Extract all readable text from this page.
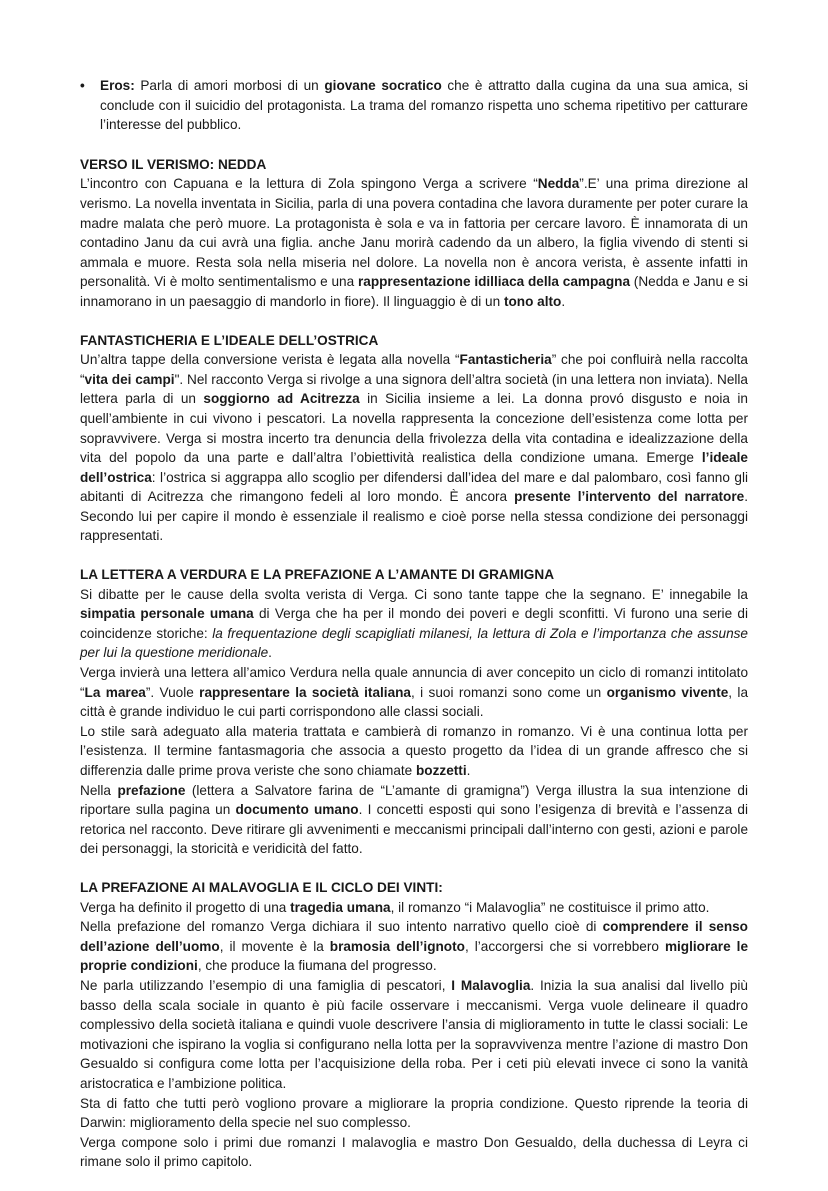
•	Eros: Parla di amori morbosi di un giovane socratico che è attratto dalla cugina da una sua amica, si conclude con il suicidio del protagonista. La trama del romanzo rispetta uno schema ripetitivo per catturare l’interesse del pubblico.
VERSO IL VERISMO: NEDDA
L’incontro con Capuana e la lettura di Zola spingono Verga a scrivere “Nedda”.E’ una prima direzione al verismo. La novella inventata in Sicilia, parla di una povera contadina che lavora duramente per poter curare la madre malata che però muore. La protagonista è sola e va in fattoria per cercare lavoro. È innamorata di un contadino Janu da cui avrà una figlia. anche Janu morirà cadendo da un albero, la figlia vivendo di stenti si ammala e muore. Resta sola nella miseria nel dolore. La novella non è ancora verista, è assente infatti in personalità. Vi è molto sentimentalismo e una rappresentazione idilliaca della campagna (Nedda e Janu e si innamorano in un paesaggio di mandorlo in fiore). Il linguaggio è di un tono alto.
FANTASTICHERIA E L’IDEALE DELL’OSTRICA
Un’altra tappe della conversione verista è legata alla novella “Fantasticheria” che poi confluirà nella raccolta “vita dei campi". Nel racconto Verga si rivolge a una signora dell’altra società (in una lettera non inviata). Nella lettera parla di un soggiorno ad Acitrezza in Sicilia insieme a lei. La donna provó disgusto e noia in quell’ambiente in cui vivono i pescatori. La novella rappresenta la concezione dell’esistenza come lotta per sopravvivere. Verga si mostra incerto tra denuncia della frivolezza della vita contadina e idealizzazione della vita del popolo da una parte e dall’altra l’obiettività realistica della condizione umana. Emerge l’ideale dell’ostrica: l’ostrica si aggrappa allo scoglio per difendersi dall’idea del mare e dal palombaro, così fanno gli abitanti di Acitrezza che rimangono fedeli al loro mondo. È ancora presente l’intervento del narratore. Secondo lui per capire il mondo è essenziale il realismo e cioè porse nella stessa condizione dei personaggi rappresentati.
LA LETTERA A VERDURA E LA PREFAZIONE A L’AMANTE DI GRAMIGNA
Si dibatte per le cause della svolta verista di Verga. Ci sono tante tappe che la segnano. E’ innegabile la simpatia personale umana di Verga che ha per il mondo dei poveri e degli sconfitti. Vi furono una serie di coincidenze storiche: la frequentazione degli scapigliati milanesi, la lettura di Zola e l’importanza che assunse per lui la questione meridionale.
Verga invierà una lettera all’amico Verdura nella quale annuncia di aver concepito un ciclo di romanzi intitolato “La marea”. Vuole rappresentare la società italiana, i suoi romanzi sono come un organismo vivente, la città è grande individuo le cui parti corrispondono alle classi sociali.
Lo stile sarà adeguato alla materia trattata e cambierà di romanzo in romanzo. Vi è una continua lotta per l’esistenza. Il termine fantasmagoria che associa a questo progetto da l’idea di un grande affresco che si differenzia dalle prime prova veriste che sono chiamate bozzetti.
Nella prefazione (lettera a Salvatore farina de “L’amante di gramigna”) Verga illustra la sua intenzione di riportare sulla pagina un documento umano. I concetti esposti qui sono l’esigenza di brevità e l’assenza di retorica nel racconto. Deve ritirare gli avvenimenti e meccanismi principali dall’interno con gesti, azioni e parole dei personaggi, la storicità e veridicità del fatto.
LA PREFAZIONE AI MALAVOGLIA E IL CICLO DEI VINTI:
Verga ha definito il progetto di una tragedia umana, il romanzo “i Malavoglia” ne costituisce il primo atto.
Nella prefazione del romanzo Verga dichiara il suo intento narrativo quello cioè di comprendere il senso dell’azione dell’uomo, il movente è la bramosia dell’ignoto, l’accorgersi che si vorrebbero migliorare le proprie condizioni, che produce la fiumana del progresso.
Ne parla utilizzando l’esempio di una famiglia di pescatori, I Malavoglia. Inizia la sua analisi dal livello più basso della scala sociale in quanto è più facile osservare i meccanismi. Verga vuole delineare il quadro complessivo della società italiana e quindi vuole descrivere l’ansia di miglioramento in tutte le classi sociali: Le motivazioni che ispirano la voglia si configurano nella lotta per la sopravvivenza mentre l’azione di mastro Don Gesualdo si configura come lotta per l’acquisizione della roba. Per i ceti più elevati invece ci sono la vanità aristocratica e l’ambizione politica.
Sta di fatto che tutti però vogliono provare a migliorare la propria condizione. Questo riprende la teoria di Darwin: miglioramento della specie nel suo complesso.
Verga compone solo i primi due romanzi I malavoglia e mastro Don Gesualdo, della duchessa di Leyra ci rimane solo il primo capitolo.
